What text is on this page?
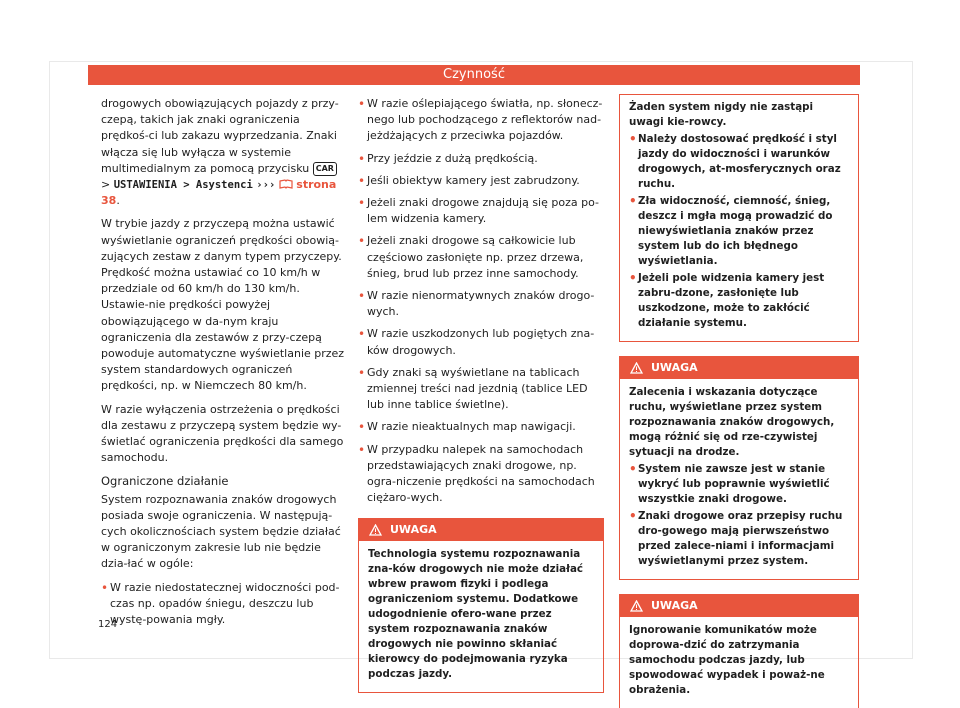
Czynność

drogowych obowiązujących pojazdy z przy-czepą, takich jak znaki ograniczenia prędkoś-ci lub zakazu wyprzedzania. Znaki włącza się lub wyłącza w systemie multimedialnym za pomocą przycisku CAR > USTAWIENIA > Asystenci ››› strona 38.

W trybie jazdy z przyczepą można ustawić wyświetlanie ograniczeń prędkości obowią-zujących zestaw z danym typem przyczepy. Prędkość można ustawiać co 10 km/h w przedziale od 60 km/h do 130 km/h. Ustawie-nie prędkości powyżej obowiązującego w da-nym kraju ograniczenia dla zestawów z przy-czepą powoduje automatyczne wyświetlanie przez system standardowych ograniczeń prędkości, np. w Niemczech 80 km/h.

W razie wyłączenia ostrzeżenia o prędkości dla zestawu z przyczepą system będzie wy-świetlać ograniczenia prędkości dla samego samochodu.

Ograniczone działanie

System rozpoznawania znaków drogowych posiada swoje ograniczenia. W następują-cych okolicznościach system będzie działać w ograniczonym zakresie lub nie będzie dzia-łać w ogóle:

• W razie niedostatecznej widoczności pod-czas np. opadów śniegu, deszczu lub wystę-powania mgły.
• W razie oślepiającego światła, np. słonecz-nego lub pochodzącego z reflektorów nad-jeżdżających z przeciwka pojazdów.
• Przy jeździe z dużą prędkością.
• Jeśli obiektyw kamery jest zabrudzony.
• Jeżeli znaki drogowe znajdują się poza po-lem widzenia kamery.
• Jeżeli znaki drogowe są całkowicie lub częściowo zasłonięte np. przez drzewa, śnieg, brud lub przez inne samochody.
• W razie nienormatywnych znaków drogo-wych.
• W razie uszkodzonych lub pogiętych zna-ków drogowych.
• Gdy znaki są wyświetlane na tablicach zmiennej treści nad jezdnią (tablice LED lub inne tablice świetlne).
• W razie nieaktualnych map nawigacji.
• W przypadku nalepek na samochodach przedstawiających znaki drogowe, np. ogra-niczenie prędkości na samochodach ciężaro-wych.
UWAGA

Technologia systemu rozpoznawania zna-ków drogowych nie może działać wbrew prawom fizyki i podlega ograniczeniom systemu. Dodatkowe udogodnienie ofero-wane przez system rozpoznawania znaków drogowych nie powinno skłaniać kierowcy do podejmowania ryzyka podczas jazdy.

Żaden system nigdy nie zastąpi uwagi kie-rowcy.

• Należy dostosować prędkość i styl jazdy do widoczności i warunków drogowych, at-mosferycznych oraz ruchu.
• Zła widoczność, ciemność, śnieg, deszcz i mgła mogą prowadzić do niewyświetlania znaków przez system lub do ich błędnego wyświetlania.
• Jeżeli pole widzenia kamery jest zabru-dzone, zasłonięte lub uszkodzone, może to zakłócić działanie systemu.
UWAGA

Zalecenia i wskazania dotyczące ruchu, wyświetlane przez system rozpoznawania znaków drogowych, mogą różnić się od rze-czywistej sytuacji na drodze.

• System nie zawsze jest w stanie wykryć lub poprawnie wyświetlić wszystkie znaki drogowe.
• Znaki drogowe oraz przepisy ruchu dro-gowego mają pierwszeństwo przed zalece-niami i informacjami wyświetlanymi przez system.
UWAGA

Ignorowanie komunikatów może doprowa-dzić do zatrzymania samochodu podczas jazdy, lub spowodować wypadek i poważ-ne obrażenia.

124
